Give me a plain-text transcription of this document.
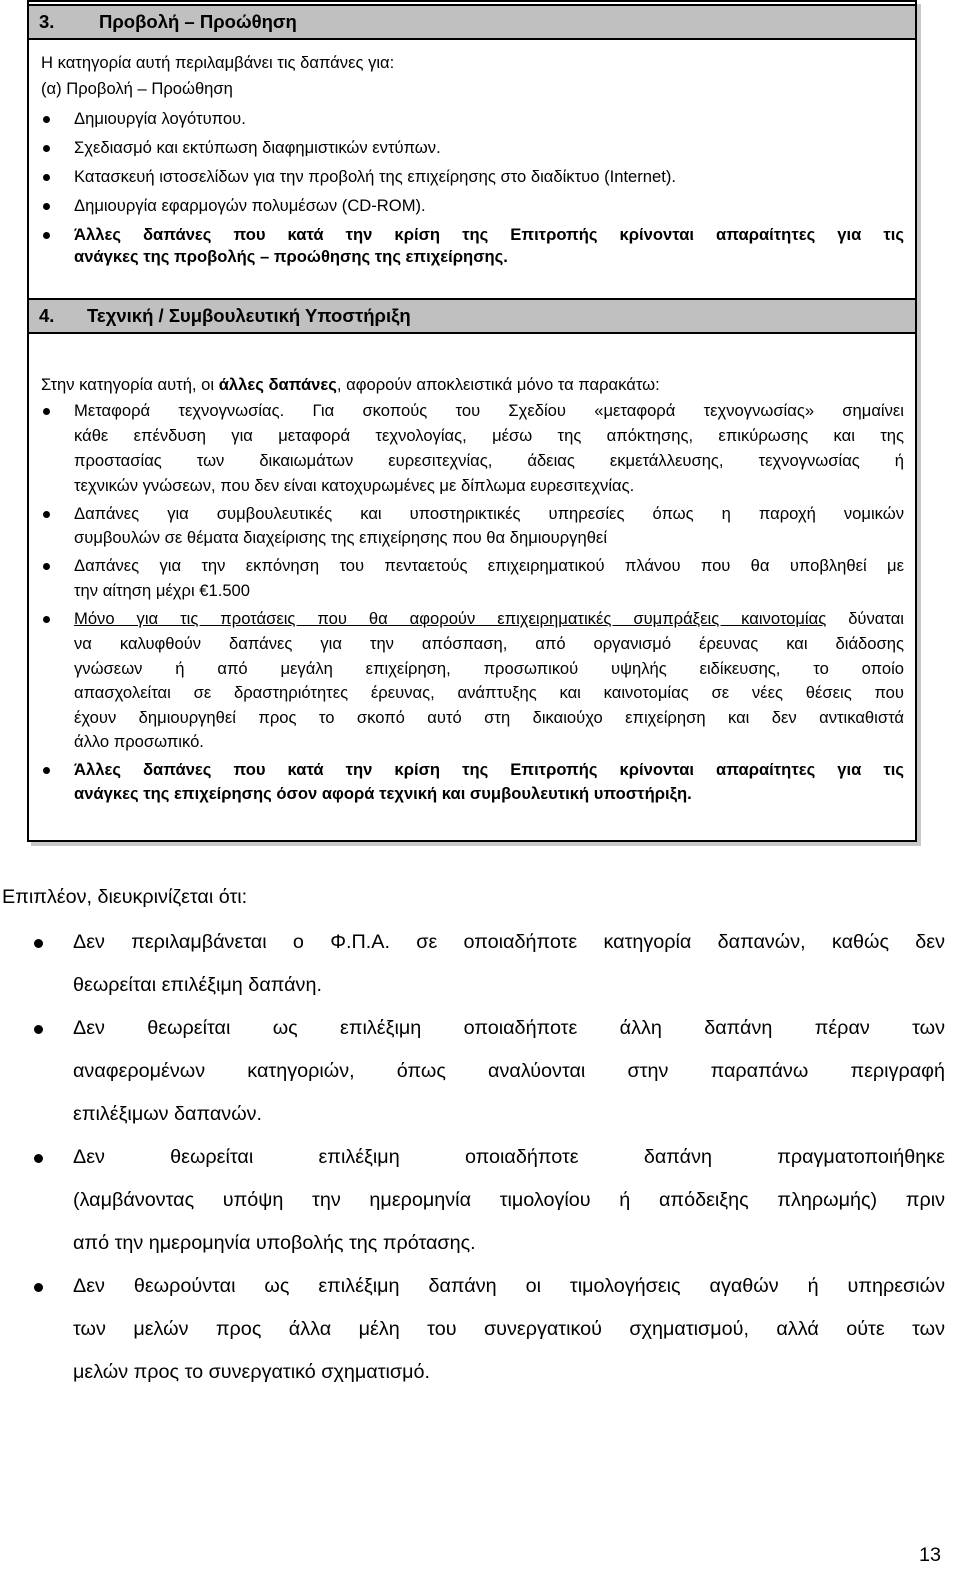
3. Προβολή – Προώθηση
Η κατηγορία αυτή περιλαμβάνει τις δαπάνες για:
(α) Προβολή – Προώθηση
Δημιουργία λογότυπου.
Σχεδιασμό και εκτύπωση διαφημιστικών εντύπων.
Κατασκευή ιστοσελίδων για την προβολή της επιχείρησης στο διαδίκτυο (Internet).
Δημιουργία εφαρμογών πολυμέσων (CD-ROM).
Άλλες δαπάνες που κατά την κρίση της Επιτροπής κρίνονται απαραίτητες για τις
ανάγκες της προβολής – προώθησης της επιχείρησης.
4. Τεχνική / Συμβουλευτική Υποστήριξη
Στην κατηγορία αυτή, οι άλλες δαπάνες, αφορούν αποκλειστικά μόνο τα παρακάτω:
Μεταφορά τεχνογνωσίας. Για σκοπούς του Σχεδίου «μεταφορά τεχνογνωσίας» σημαίνει
κάθε επένδυση για μεταφορά τεχνολογίας, μέσω της απόκτησης, επικύρωσης και της
προστασίας των δικαιωμάτων ευρεσιτεχνίας, άδειας εκμετάλλευσης, τεχνογνωσίας ή
τεχνικών γνώσεων, που δεν είναι κατοχυρωμένες με δίπλωμα ευρεσιτεχνίας.
Δαπάνες για συμβουλευτικές και υποστηρικτικές υπηρεσίες όπως η παροχή νομικών
συμβουλών σε θέματα διαχείρισης της επιχείρησης που θα δημιουργηθεί
Δαπάνες για την εκπόνηση του πενταετούς επιχειρηματικού πλάνου που θα υποβληθεί με
την αίτηση μέχρι €1.500
Μόνο για τις προτάσεις που θα αφορούν επιχειρηματικές συμπράξεις καινοτομίας δύναται
να καλυφθούν δαπάνες για την απόσπαση, από οργανισμό έρευνας και διάδοσης
γνώσεων ή από μεγάλη επιχείρηση, προσωπικού υψηλής ειδίκευσης, το οποίο
απασχολείται σε δραστηριότητες έρευνας, ανάπτυξης και καινοτομίας σε νέες θέσεις που
έχουν δημιουργηθεί προς το σκοπό αυτό στη δικαιούχο επιχείρηση και δεν αντικαθιστά
άλλο προσωπικό.
Άλλες δαπάνες που κατά την κρίση της Επιτροπής κρίνονται απαραίτητες για τις
ανάγκες της επιχείρησης όσον αφορά τεχνική και συμβουλευτική υποστήριξη.
Επιπλέον, διευκρινίζεται ότι:
Δεν περιλαμβάνεται ο Φ.Π.Α. σε οποιαδήποτε κατηγορία δαπανών, καθώς δεν
θεωρείται επιλέξιμη δαπάνη.
Δεν θεωρείται ως επιλέξιμη οποιαδήποτε άλλη δαπάνη πέραν των
αναφερομένων κατηγοριών, όπως αναλύονται στην παραπάνω περιγραφή
επιλέξιμων δαπανών.
Δεν θεωρείται επιλέξιμη οποιαδήποτε δαπάνη πραγματοποιήθηκε
(λαμβάνοντας υπόψη την ημερομηνία τιμολογίου ή απόδειξης πληρωμής) πριν
από την ημερομηνία υποβολής της πρότασης.
Δεν θεωρούνται ως επιλέξιμη δαπάνη οι τιμολογήσεις αγαθών ή υπηρεσιών
των μελών προς άλλα μέλη του συνεργατικού σχηματισμού, αλλά ούτε των
μελών προς το συνεργατικό σχηματισμό.
13
